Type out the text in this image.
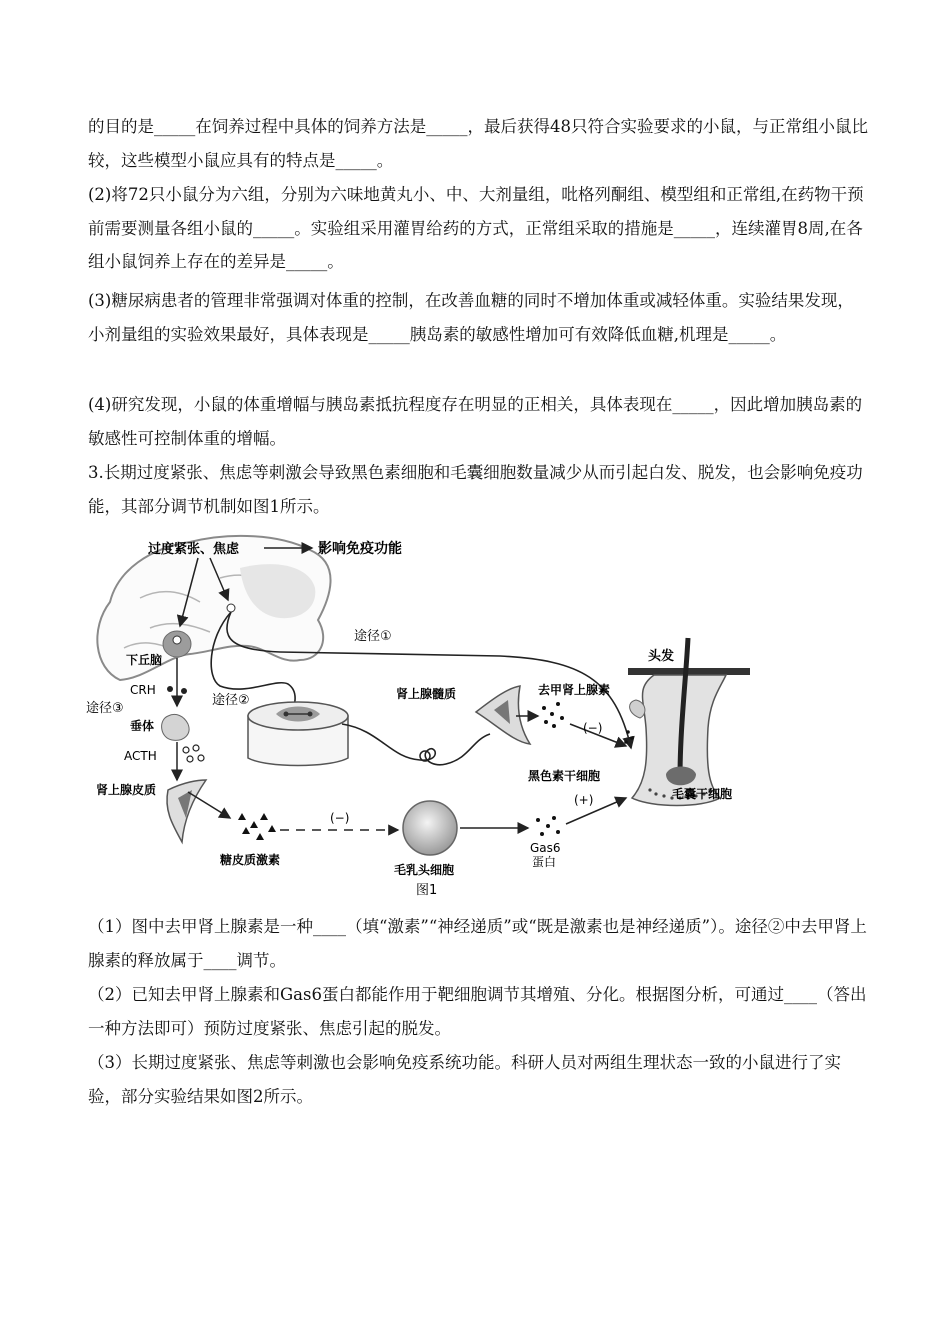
的目的是_____在饲养过程中具体的饲养方法是_____，最后获得48只符合实验要求的小鼠，与正常组小鼠比较，这些模型小鼠应具有的特点是_____。

(2)将72只小鼠分为六组，分别为六味地黄丸小、中、大剂量组，吡格列酮组、模型组和正常组,在药物干预前需要测量各组小鼠的_____。实验组采用灌胃给药的方式，正常组采取的措施是_____，连续灌胃8周,在各组小鼠饲养上存在的差异是_____。

(3)糖尿病患者的管理非常强调对体重的控制，在改善血糖的同时不增加体重或减轻体重。实验结果发现，小剂量组的实验效果最好，具体表现是_____胰岛素的敏感性增加可有效降低血糖,机理是_____。

(4)研究发现，小鼠的体重增幅与胰岛素抵抗程度存在明显的正相关，具体表现在_____，因此增加胰岛素的敏感性可控制体重的增幅。

3.长期过度紧张、焦虑等刺激会导致黑色素细胞和毛囊细胞数量减少从而引起白发、脱发，也会影响免疫功能，其部分调节机制如图1所示。

过度紧张、焦虑	影响免疫功能
途径①
下丘脑
CRH
途径②
途径③
垂体
ACTH
肾上腺皮质
肾上腺髓质	去甲肾上腺素
(−)
头发
黑色素干细胞
(+)	毛囊干细胞
(−)
糖皮质激素
毛乳头细胞
Gas6
蛋白
图1

（1）图中去甲肾上腺素是一种____（填“激素”“神经递质”或“既是激素也是神经递质”）。途径②中去甲肾上腺素的释放属于____调节。

（2）已知去甲肾上腺素和Gas6蛋白都能作用于靶细胞调节其增殖、分化。根据图分析，可通过____（答出一种方法即可）预防过度紧张、焦虑引起的脱发。

（3）长期过度紧张、焦虑等刺激也会影响免疫系统功能。科研人员对两组生理状态一致的小鼠进行了实验，部分实验结果如图2所示。
